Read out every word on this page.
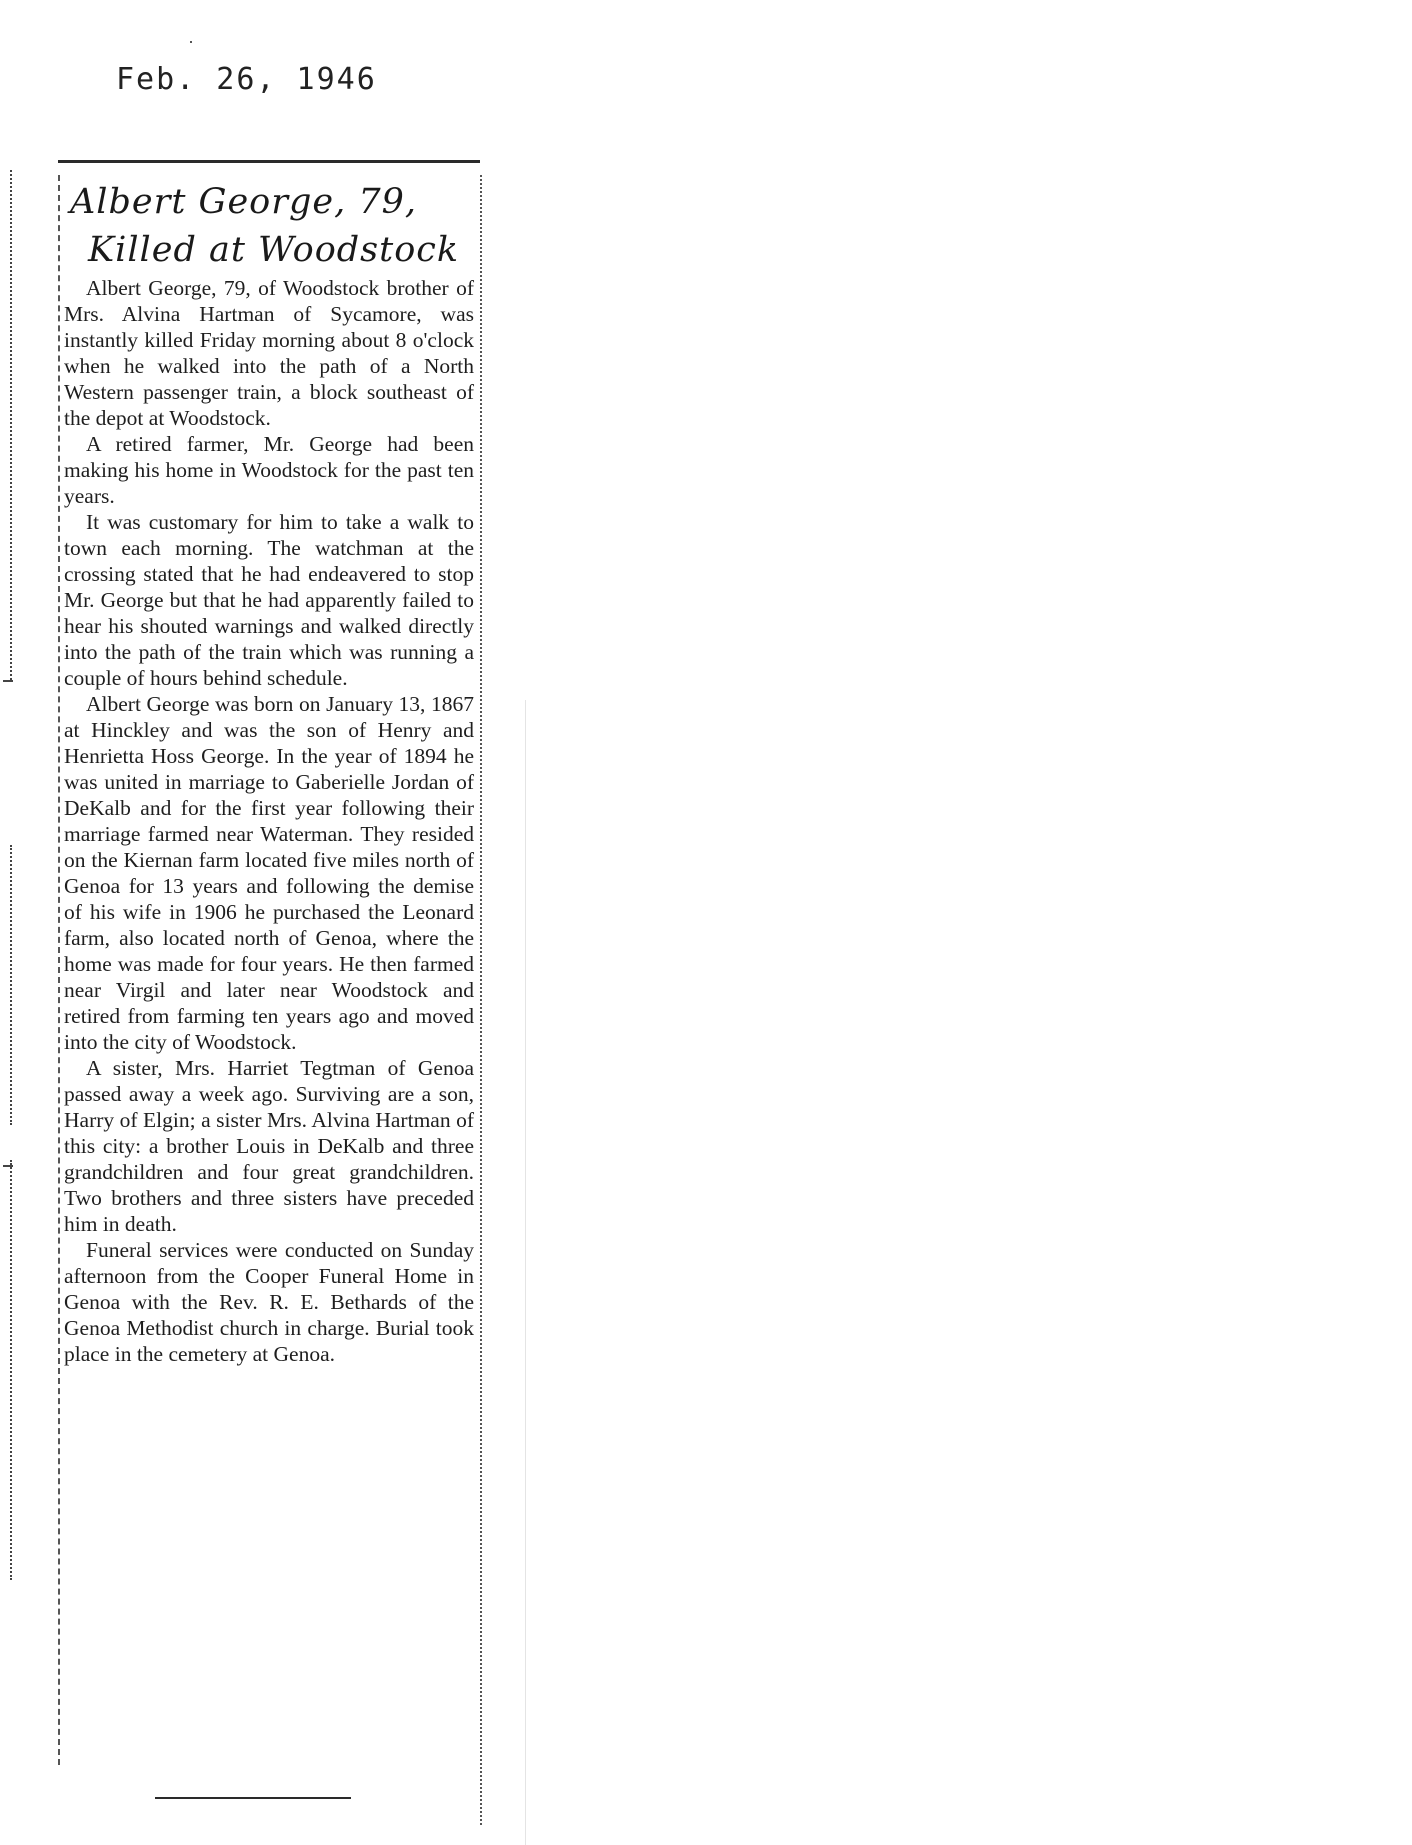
Feb. 26, 1946
Albert George, 79,
Killed at Woodstock

Albert George, 79, of Woodstock brother of Mrs. Alvina Hartman of Sycamore, was instantly killed Friday morning about 8 o'clock when he walked into the path of a North Western passenger train, a block southeast of the depot at Woodstock.

A retired farmer, Mr. George had been making his home in Woodstock for the past ten years.

It was customary for him to take a walk to town each morning. The watchman at the crossing stated that he had endeavered to stop Mr. George but that he had apparently failed to hear his shouted warnings and walked directly into the path of the train which was running a couple of hours behind schedule.

Albert George was born on January 13, 1867 at Hinckley and was the son of Henry and Henrietta Hoss George. In the year of 1894 he was united in marriage to Gaberielle Jordan of DeKalb and for the first year following their marriage farmed near Waterman. They resided on the Kiernan farm located five miles north of Genoa for 13 years and following the demise of his wife in 1906 he purchased the Leonard farm, also located north of Genoa, where the home was made for four years. He then farmed near Virgil and later near Woodstock and retired from farming ten years ago and moved into the city of Woodstock.

A sister, Mrs. Harriet Tegtman of Genoa passed away a week ago. Surviving are a son, Harry of Elgin; a sister Mrs. Alvina Hartman of this city: a brother Louis in DeKalb and three grandchildren and four great grandchildren. Two brothers and three sisters have preceded him in death.

Funeral services were conducted on Sunday afternoon from the Cooper Funeral Home in Genoa with the Rev. R. E. Bethards of the Genoa Methodist church in charge. Burial took place in the cemetery at Genoa.
